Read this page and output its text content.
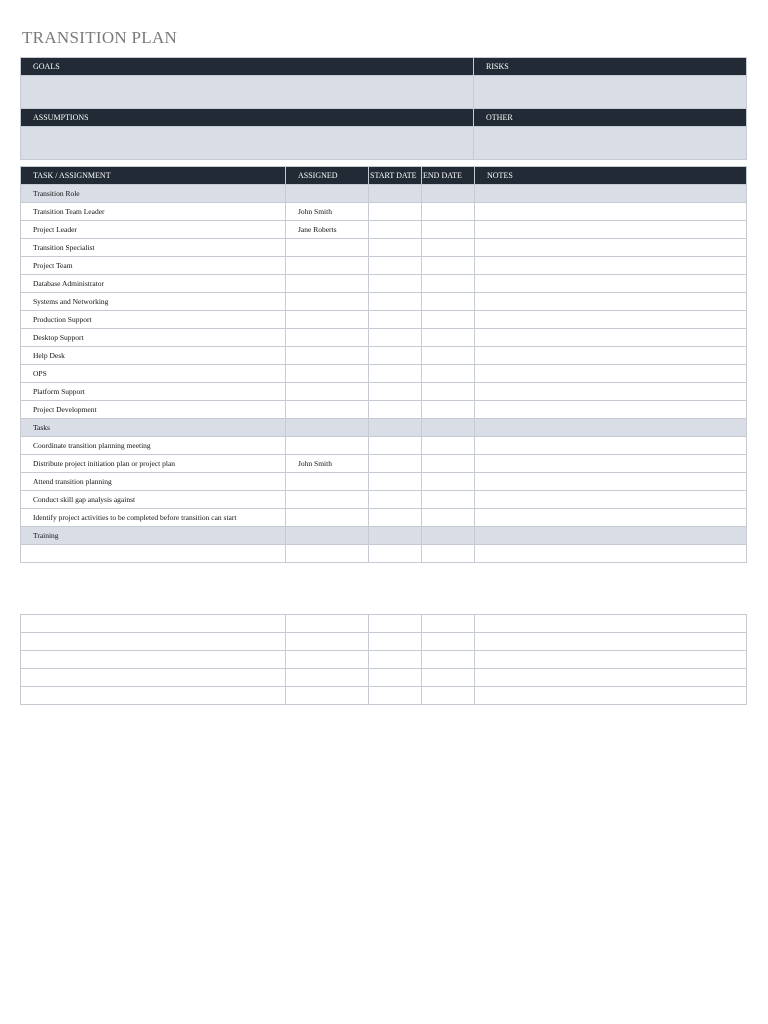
TRANSITION PLAN
GOALS	RISKS

ASSUMPTIONS	OTHER

TASK / ASSIGNMENT	ASSIGNED	START DATE	END DATE	NOTES
Transition Role				
Transition Team Leader	John Smith			
Project Leader	Jane Roberts			
Transition Specialist				
Project Team				
Database Administrator				
Systems and Networking				
Production Support				
Desktop Support				
Help Desk				
OPS				
Platform Support				
Project Development				
Tasks				
Coordinate transition planning meeting				
Distribute project initiation plan or project plan	John Smith			
Attend transition planning				
Conduct skill gap analysis against				
Identify project activities to be completed before transition can start				
Training				
